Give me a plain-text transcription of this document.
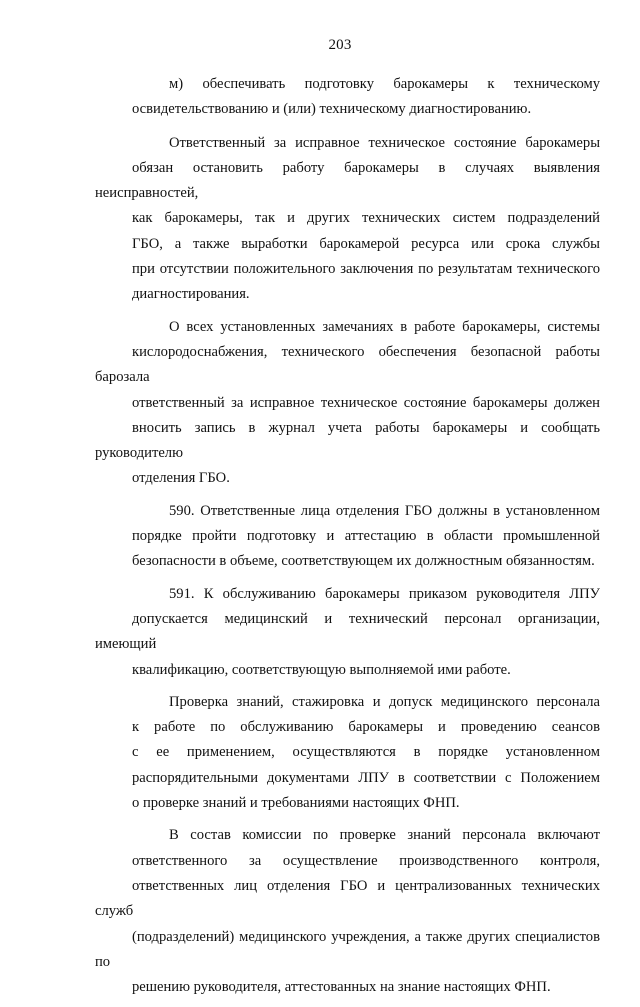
203
м) обеспечивать подготовку барокамеры к техническому
освидетельствованию и (или) техническому диагностированию.
Ответственный за исправное техническое состояние барокамеры
обязан остановить работу барокамеры в случаях выявления неисправностей,
как барокамеры, так и других технических систем подразделений
ГБО, а также выработки барокамерой ресурса или срока службы
при отсутствии положительного заключения по результатам технического
диагностирования.
О всех установленных замечаниях в работе барокамеры, системы
кислородоснабжения, технического обеспечения безопасной работы барозала
ответственный за исправное техническое состояние барокамеры должен
вносить запись в журнал учета работы барокамеры и сообщать руководителю
отделения ГБО.
590. Ответственные лица отделения ГБО должны в установленном
порядке пройти подготовку и аттестацию в области промышленной
безопасности в объеме, соответствующем их должностным обязанностям.
591. К обслуживанию барокамеры приказом руководителя ЛПУ
допускается медицинский и технический персонал организации, имеющий
квалификацию, соответствующую выполняемой ими работе.
Проверка знаний, стажировка и допуск медицинского персонала
к работе по обслуживанию барокамеры и проведению сеансов
с ее применением, осуществляются в порядке установленном
распорядительными документами ЛПУ в соответствии с Положением
о проверке знаний и требованиями настоящих ФНП.
В состав комиссии по проверке знаний персонала включают
ответственного за осуществление производственного контроля,
ответственных лиц отделения ГБО и централизованных технических служб
(подразделений) медицинского учреждения, а также других специалистов по
решению руководителя, аттестованных на знание настоящих ФНП.
